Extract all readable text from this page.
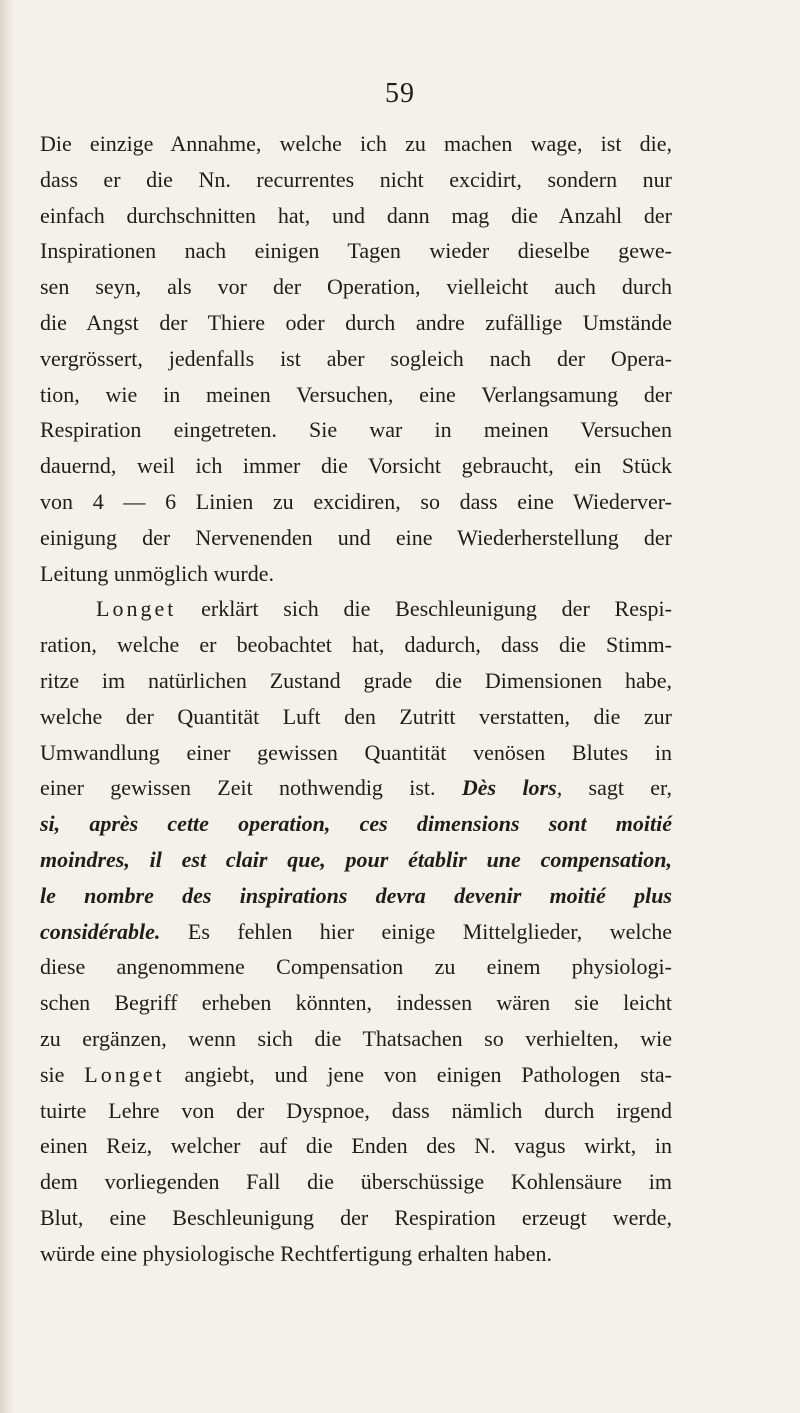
59
Die einzige Annahme, welche ich zu machen wage, ist die,
dass er die Nn. recurrentes nicht excidirt, sondern nur
einfach durchschnitten hat, und dann mag die Anzahl der
Inspirationen nach einigen Tagen wieder dieselbe gewe-
sen seyn, als vor der Operation, vielleicht auch durch
die Angst der Thiere oder durch andre zufällige Umstände
vergrössert, jedenfalls ist aber sogleich nach der Opera-
tion, wie in meinen Versuchen, eine Verlangsamung der
Respiration eingetreten. Sie war in meinen Versuchen
dauernd, weil ich immer die Vorsicht gebraucht, ein Stück
von 4 — 6 Linien zu excidiren, so dass eine Wiederver-
einigung der Nervenenden und eine Wiederherstellung der
Leitung unmöglich wurde.
Longet erklärt sich die Beschleunigung der Respi-
ration, welche er beobachtet hat, dadurch, dass die Stimm-
ritze im natürlichen Zustand grade die Dimensionen habe,
welche der Quantität Luft den Zutritt verstatten, die zur
Umwandlung einer gewissen Quantität venösen Blutes in
einer gewissen Zeit nothwendig ist. Dès lors, sagt er,
si, après cette operation, ces dimensions sont moitié
moindres, il est clair que, pour établir une compensation,
le nombre des inspirations devra devenir moitié plus
considérable. Es fehlen hier einige Mittelglieder, welche
diese angenommene Compensation zu einem physiologi-
schen Begriff erheben könnten, indessen wären sie leicht
zu ergänzen, wenn sich die Thatsachen so verhielten, wie
sie Longet angiebt, und jene von einigen Pathologen sta-
tuirte Lehre von der Dyspnoe, dass nämlich durch irgend
einen Reiz, welcher auf die Enden des N. vagus wirkt, in
dem vorliegenden Fall die überschüssige Kohlensäure im
Blut, eine Beschleunigung der Respiration erzeugt werde,
würde eine physiologische Rechtfertigung erhalten haben.
